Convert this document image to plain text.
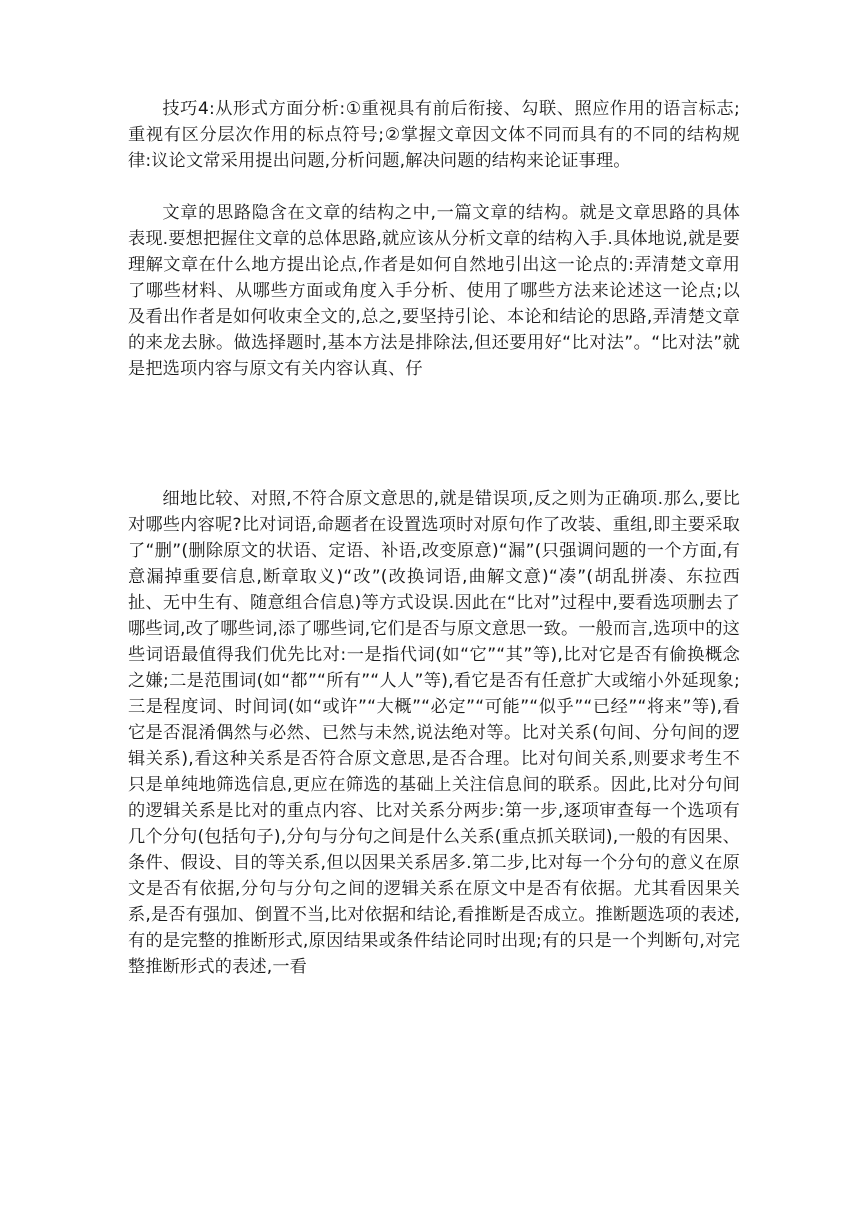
技巧4:从形式方面分析:①重视具有前后衔接、勾联、照应作用的语言标志;重视有区分层次作用的标点符号;②掌握文章因文体不同而具有的不同的结构规律:议论文常采用提出问题,分析问题,解决问题的结构来论证事理。

文章的思路隐含在文章的结构之中,一篇文章的结构。就是文章思路的具体表现.要想把握住文章的总体思路,就应该从分析文章的结构入手.具体地说,就是要理解文章在什么地方提出论点,作者是如何自然地引出这一论点的:弄清楚文章用了哪些材料、从哪些方面或角度入手分析、使用了哪些方法来论述这一论点;以及看出作者是如何收束全文的,总之,要坚持引论、本论和结论的思路,弄清楚文章的来龙去脉。做选择题时,基本方法是排除法,但还要用好“比对法”。“比对法”就是把选项内容与原文有关内容认真、仔

细地比较、对照,不符合原文意思的,就是错误项,反之则为正确项.那么,要比对哪些内容呢?比对词语,命题者在设置选项时对原句作了改装、重组,即主要采取了“删”(删除原文的状语、定语、补语,改变原意)“漏”(只强调问题的一个方面,有意漏掉重要信息,断章取义)“改”(改换词语,曲解文意)“凑”(胡乱拼凑、东拉西扯、无中生有、随意组合信息)等方式设误.因此在“比对”过程中,要看选项删去了哪些词,改了哪些词,添了哪些词,它们是否与原文意思一致。一般而言,选项中的这些词语最值得我们优先比对:一是指代词(如“它”“其”等),比对它是否有偷换概念之嫌;二是范围词(如“都”“所有”“人人”等),看它是否有任意扩大或缩小外延现象;三是程度词、时间词(如“或许”“大概”“必定”“可能”“似乎”“已经”“将来”等),看它是否混淆偶然与必然、已然与未然,说法绝对等。比对关系(句间、分句间的逻辑关系),看这种关系是否符合原文意思,是否合理。比对句间关系,则要求考生不只是单纯地筛选信息,更应在筛选的基础上关注信息间的联系。因此,比对分句间的逻辑关系是比对的重点内容、比对关系分两步:第一步,逐项审查每一个选项有几个分句(包括句子),分句与分句之间是什么关系(重点抓关联词),一般的有因果、条件、假设、目的等关系,但以因果关系居多.第二步,比对每一个分句的意义在原文是否有依据,分句与分句之间的逻辑关系在原文中是否有依据。尤其看因果关系,是否有强加、倒置不当,比对依据和结论,看推断是否成立。推断题选项的表述,有的是完整的推断形式,原因结果或条件结论同时出现;有的只是一个判断句,对完整推断形式的表述,一看
